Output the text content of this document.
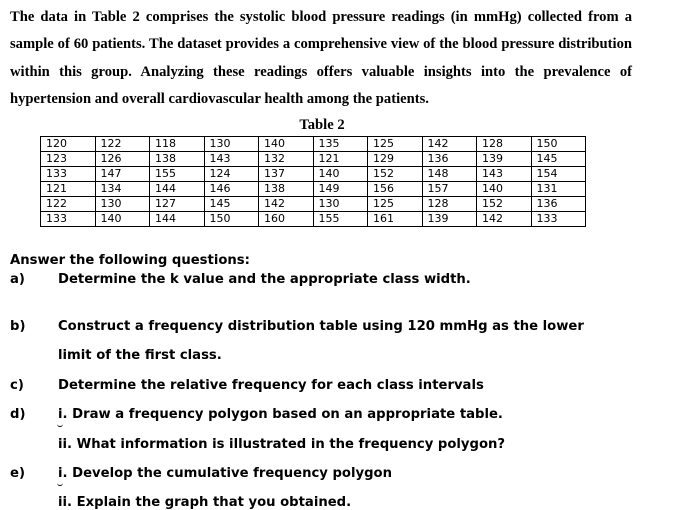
The data in Table 2 comprises the systolic blood pressure readings (in mmHg) collected from a sample of 60 patients. The dataset provides a comprehensive view of the blood pressure distribution within this group. Analyzing these readings offers valuable insights into the prevalence of hypertension and overall cardiovascular health among the patients.
Table 2
120	122	118	130	140	135	125	142	128	150
123	126	138	143	132	121	129	136	139	145
133	147	155	124	137	140	152	148	143	154
121	134	144	146	138	149	156	157	140	131
122	130	127	145	142	130	125	128	152	136
133	140	144	150	160	155	161	139	142	133
Answer the following questions:
a)	Determine the k value and the appropriate class width.
b) Construct a frequency distribution table using 120 mmHg as the lower
limit of the first class.
c)	Determine the relative frequency for each class intervals
d) i. Draw a frequency polygon based on an appropriate table.
ii. What information is illustrated in the frequency polygon?
e)	i. Develop the cumulative frequency polygon
ii. Explain the graph that you obtained.
